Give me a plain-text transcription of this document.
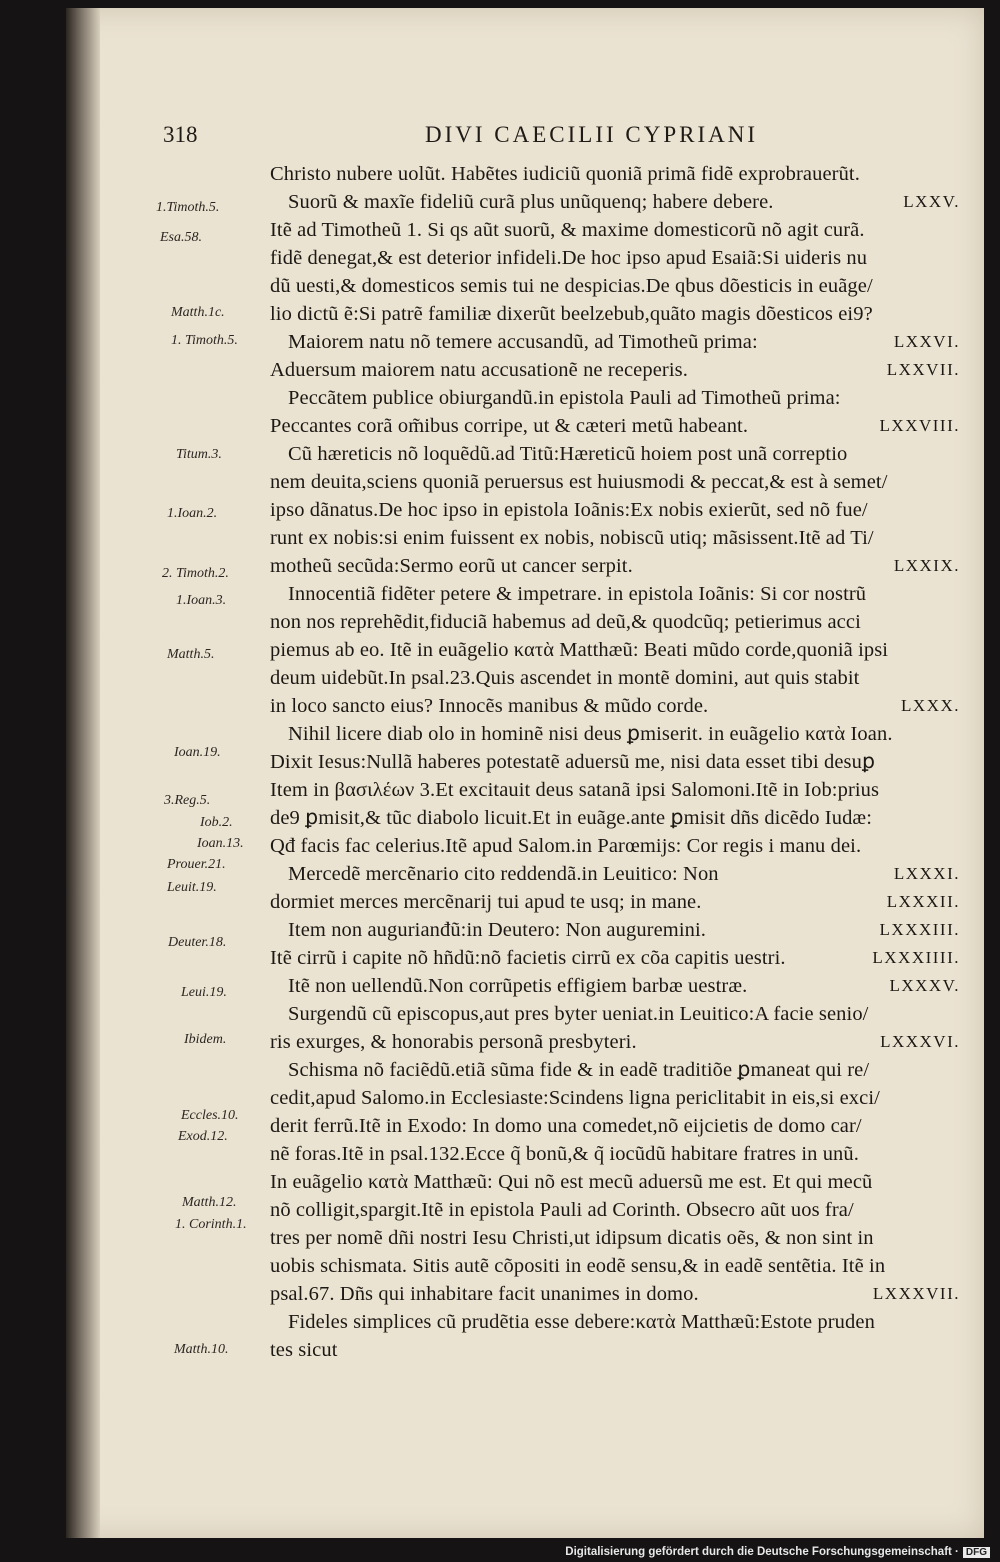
318	DIVI CAECILII CYPRIANI
1.Timoth.5.
Esa.58.
Matth.1c.
1. Timoth.5.
Titum.3.
1.Ioan.2.
2. Timoth.2.
1.Ioan.3.
Matth.5.
Ioan.19.
3.Reg.5.
Iob.2.
Ioan.13.
Prouer.21.
Leuit.19.
Deuter.18.
Leui.19.
Ibidem.
Eccles.10.
Exod.12.
Matth.12.
1. Corinth.1.
Matth.10.
Christo nubere uolũt. Habẽtes iudiciũ quoniã primã fidẽ exprobrauerũt.
Suorũ & maxĩe fideliũ curã plus unũquenq; habere debere.	LXXV.
Itẽ ad Timotheũ 1. Si qs aũt suorũ, & maxime domesticorũ nõ agit curã.
fidẽ denegat,& est deterior infideli.De hoc ipso apud Esaiã:Si uideris nu
dũ uesti,& domesticos semis tui ne despicias.De qbus dõesticis in euãge/
lio dictũ ẽ:Si patrẽ familiæ dixerũt beelzebub,quãto magis dõesticos ei9?
Maiorem natu nõ temere accusandũ, ad Timotheũ prima:	LXXVI.
Aduersum maiorem natu accusationẽ ne receperis.	LXXVII.
Peccãtem publice obiurgandũ.in epistola Pauli ad Timotheũ prima:
Peccantes corã om̃ibus corripe, ut & cæteri metũ habeant.	LXXVIII.
Cũ hæreticis nõ loquẽdũ.ad Titũ:Hæreticũ hoiem post unã correptio
nem deuita,sciens quoniã peruersus est huiusmodi & peccat,& est à semet/
ipso dãnatus.De hoc ipso in epistola Ioãnis:Ex nobis exierũt, sed nõ fue/
runt ex nobis:si enim fuissent ex nobis, nobiscũ utiq; mãsissent.Itẽ ad Ti/
motheũ secũda:Sermo eorũ ut cancer serpit.	LXXIX.
Innocentiã fidẽter petere & impetrare. in epistola Ioãnis: Si cor nostrũ
non nos reprehẽdit,fiduciã habemus ad deũ,& quodcũq; petierimus acci
piemus ab eo. Itẽ in euãgelio κατὰ Matthæũ: Beati mũdo corde,quoniã ipsi
deum uidebũt.In psal.23.Quis ascendet in montẽ domini, aut quis stabit
in loco sancto eius? Innocẽs manibus & mũdo corde.	LXXX.
Nihil licere diab olo in hominẽ nisi deus ꝑmiserit. in euãgelio κατὰ Ioan.
Dixit Iesus:Nullã haberes potestatẽ aduersũ me, nisi data esset tibi desuꝑ
Item in βασιλέων 3.Et excitauit deus satanã ipsi Salomoni.Itẽ in Iob:prius
de9 ꝑmisit,& tũc diabolo licuit.Et in euãge.ante ꝑmisit dñs dicẽdo Iudæ:
Qđ facis fac celerius.Itẽ apud Salom.in Parœmijs: Cor regis i manu dei.
Mercedẽ mercẽnario cito reddendã.in Leuitico: Non	LXXXI.
dormiet merces mercẽnarij tui apud te usq; in mane.	LXXXII.
Item non augurianđũ:in Deutero: Non auguremini.	LXXXIII.
Itẽ cirrũ i capite nõ hñdũ:nõ facietis cirrũ ex cõa capitis uestri.	LXXXIIII.
Itẽ non uellendũ.Non corrũpetis effigiem barbæ uestræ.	LXXXV.
Surgendũ cũ episcopus,aut pres byter ueniat.in Leuitico:A facie senio/
ris exurges, & honorabis personã presbyteri.	LXXXVI.
Schisma nõ faciẽdũ.etiã sũma fide & in eadẽ traditiõe ꝑmaneat qui re/
cedit,apud Salomo.in Ecclesiaste:Scindens ligna periclitabit in eis,si exci/
derit ferrũ.Itẽ in Exodo: In domo una comedet,nõ eijcietis de domo car/
nẽ foras.Itẽ in psal.132.Ecce q̃ bonũ,& q̃ iocũdũ habitare fratres in unũ.
In euãgelio κατὰ Matthæũ: Qui nõ est mecũ aduersũ me est. Et qui mecũ
nõ colligit,spargit.Itẽ in epistola Pauli ad Corinth. Obsecro aũt uos fra/
tres per nomẽ dñi nostri Iesu Christi,ut idipsum dicatis oẽs, & non sint in
uobis schismata. Sitis autẽ cõpositi in eodẽ sensu,& in eadẽ sentẽtia. Itẽ in
psal.67. Dñs qui inhabitare facit unanimes in domo.	LXXXVII.
Fideles simplices cũ prudẽtia esse debere:κατὰ Matthæũ:Estote pruden
tes sicut
Digitalisierung gefördert durch die Deutsche Forschungsgemeinschaft · DFG
